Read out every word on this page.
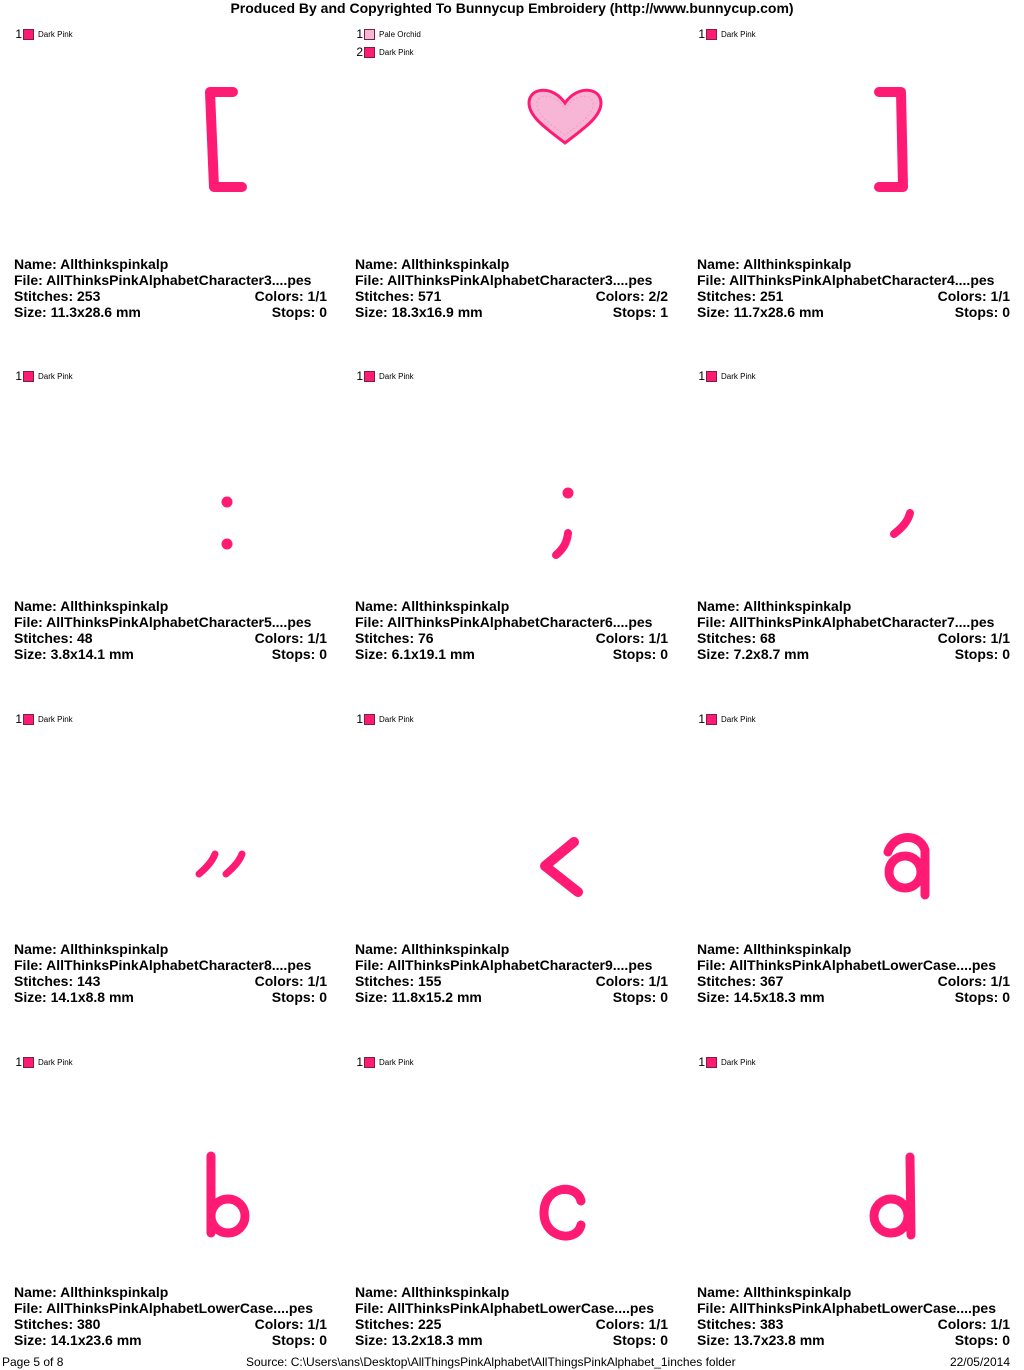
Produced By and Copyrighted To Bunnycup Embroidery (http://www.bunnycup.com)
1 Dark Pink
Name: Allthinkspinkalp
File: AllThinksPinkAlphabetCharacter3....pes
Stitches: 253	Colors: 1/1
Size: 11.3x28.6 mm	Stops: 0
1 Pale Orchid
2 Dark Pink
Name: Allthinkspinkalp
File: AllThinksPinkAlphabetCharacter3....pes
Stitches: 571	Colors: 2/2
Size: 18.3x16.9 mm	Stops: 1
1 Dark Pink
Name: Allthinkspinkalp
File: AllThinksPinkAlphabetCharacter4....pes
Stitches: 251	Colors: 1/1
Size: 11.7x28.6 mm	Stops: 0
1 Dark Pink
Name: Allthinkspinkalp
File: AllThinksPinkAlphabetCharacter5....pes
Stitches: 48	Colors: 1/1
Size: 3.8x14.1 mm	Stops: 0
1 Dark Pink
Name: Allthinkspinkalp
File: AllThinksPinkAlphabetCharacter6....pes
Stitches: 76	Colors: 1/1
Size: 6.1x19.1 mm	Stops: 0
1 Dark Pink
Name: Allthinkspinkalp
File: AllThinksPinkAlphabetCharacter7....pes
Stitches: 68	Colors: 1/1
Size: 7.2x8.7 mm	Stops: 0
1 Dark Pink
Name: Allthinkspinkalp
File: AllThinksPinkAlphabetCharacter8....pes
Stitches: 143	Colors: 1/1
Size: 14.1x8.8 mm	Stops: 0
1 Dark Pink
Name: Allthinkspinkalp
File: AllThinksPinkAlphabetCharacter9....pes
Stitches: 155	Colors: 1/1
Size: 11.8x15.2 mm	Stops: 0
1 Dark Pink
Name: Allthinkspinkalp
File: AllThinksPinkAlphabetLowerCase....pes
Stitches: 367	Colors: 1/1
Size: 14.5x18.3 mm	Stops: 0
1 Dark Pink
Name: Allthinkspinkalp
File: AllThinksPinkAlphabetLowerCase....pes
Stitches: 380	Colors: 1/1
Size: 14.1x23.6 mm	Stops: 0
1 Dark Pink
Name: Allthinkspinkalp
File: AllThinksPinkAlphabetLowerCase....pes
Stitches: 225	Colors: 1/1
Size: 13.2x18.3 mm	Stops: 0
1 Dark Pink
Name: Allthinkspinkalp
File: AllThinksPinkAlphabetLowerCase....pes
Stitches: 383	Colors: 1/1
Size: 13.7x23.8 mm	Stops: 0
Page 5 of 8	Source: C:\Users\ans\Desktop\AllThingsPinkAlphabet\AllThingsPinkAlphabet_1inches folder	22/05/2014
